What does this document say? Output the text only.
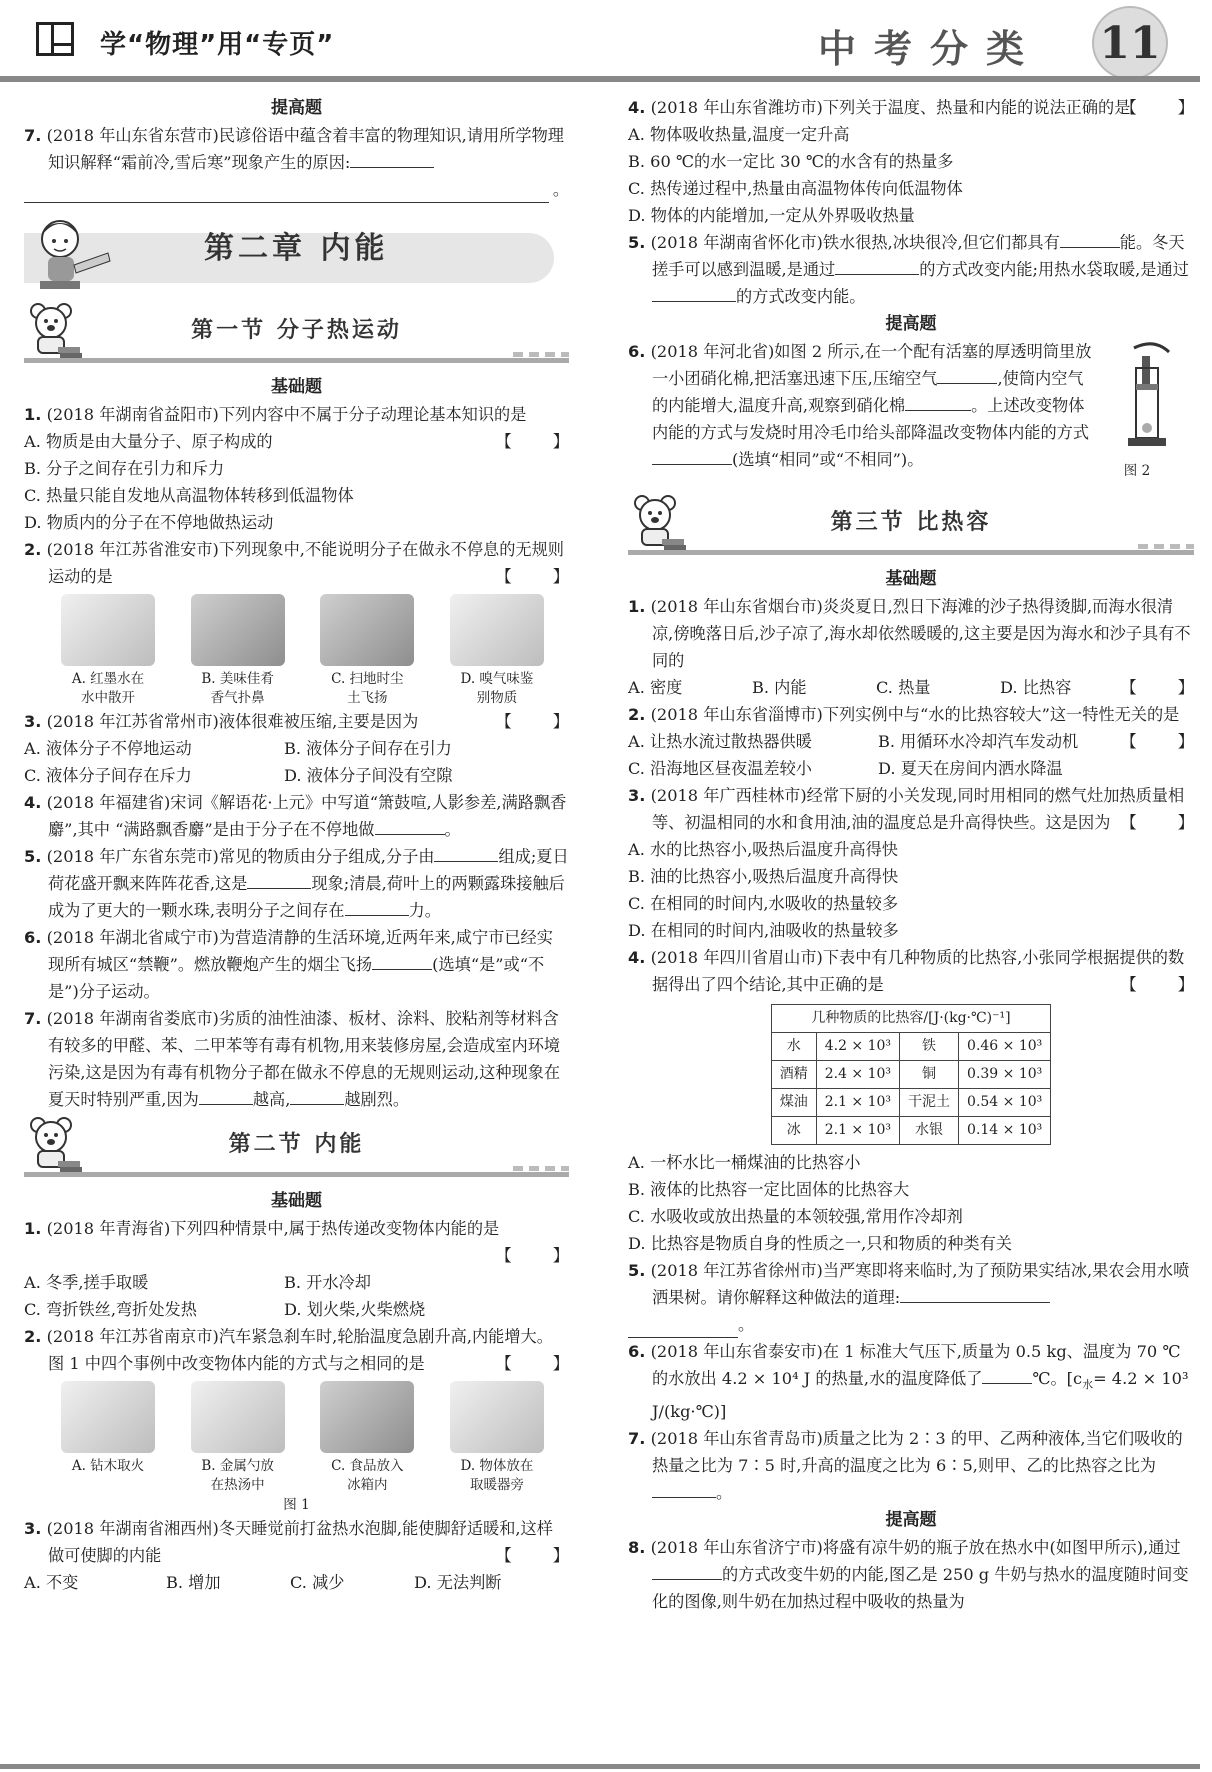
学“物理”用“专页”	中考分类 11
提高题
7. (2018 年山东省东营市)民谚俗语中蕴含着丰富的物理知识,请用所学物理知识解释“霜前冷,雪后寒”现象产生的原因:
。
第二章 内能
第一节 分子热运动
基础题
1. (2018 年湖南省益阳市)下列内容中不属于分子动理论基本知识的是
【 】
A. 物质是由大量分子、原子构成的
B. 分子之间存在引力和斥力
C. 热量只能自发地从高温物体转移到低温物体
D. 物质内的分子在不停地做热运动
2. (2018 年江苏省淮安市)下列现象中,不能说明分子在做永不停息的无规则运动的是	【 】
A. 红墨水在
水中散开
B. 美味佳肴
香气扑鼻
C. 扫地时尘
土飞扬
D. 嗅气味鉴
别物质
3. (2018 年江苏省常州市)液体很难被压缩,主要是因为	【 】
A. 液体分子不停地运动	B. 液体分子间存在引力
C. 液体分子间存在斥力	D. 液体分子间没有空隙
4. (2018 年福建省)宋词《解语花·上元》中写道“箫鼓喧,人影参差,满路飘香麝”,其中 “满路飘香麝”是由于分子在不停地做	。
5. (2018 年广东省东莞市)常见的物质由分子组成,分子由	组成;夏日荷花盛开飘来阵阵花香,这是	现象;清晨,荷叶上的两颗露珠接触后成为了更大的一颗水珠,表明分子之间存在	力。
6. (2018 年湖北省咸宁市)为营造清静的生活环境,近两年来,咸宁市已经实现所有城区“禁鞭”。燃放鞭炮产生的烟尘飞扬	(选填“是”或“不是”)分子运动。
7. (2018 年湖南省娄底市)劣质的油性油漆、板材、涂料、胶粘剂等材料含有较多的甲醛、苯、二甲苯等有毒有机物,用来装修房屋,会造成室内环境污染,这是因为有毒有机物分子都在做永不停息的无规则运动,这种现象在夏天时特别严重,因为	越高,	越剧烈。
第二节 内能
基础题
1. (2018 年青海省)下列四种情景中,属于热传递改变物体内能的是
【 】
A. 冬季,搓手取暖	B. 开水冷却
C. 弯折铁丝,弯折处发热	D. 划火柴,火柴燃烧
2. (2018 年江苏省南京市)汽车紧急刹车时,轮胎温度急剧升高,内能增大。图 1 中四个事例中改变物体内能的方式与之相同的是	【 】
A. 钻木取火	B. 金属勺放
在热汤中
C. 食品放入
冰箱内
D. 物体放在
取暖器旁
图 1
3. (2018 年湖南省湘西州)冬天睡觉前打盆热水泡脚,能使脚舒适暖和,这样做可使脚的内能	【 】
A. 不变	B. 增加	C. 减少	D. 无法判断
4. (2018 年山东省潍坊市)下列关于温度、热量和内能的说法正确的是
【 】
A. 物体吸收热量,温度一定升高
B. 60 ℃的水一定比 30 ℃的水含有的热量多
C. 热传递过程中,热量由高温物体传向低温物体
D. 物体的内能增加,一定从外界吸收热量
5. (2018 年湖南省怀化市)铁水很热,冰块很冷,但它们都具有	能。冬天搓手可以感到温暖,是通过	的方式改变内能;用热水袋取暖,是通过的方式改变内能。
提高题
图 2
6. (2018 年河北省)如图 2 所示,在一个配有活塞的厚透明筒里放一小团硝化棉,把活塞迅速下压,压缩空气	,使筒内空气的内能增大,温度升高,观察到硝化棉	。上述改变物体内能的方式与发烧时用冷毛巾给头部降温改变物体内能的方式(选填“相同”或“不相同”)。
第三节 比热容
基础题
1. (2018 年山东省烟台市)炎炎夏日,烈日下海滩的沙子热得烫脚,而海水很清凉,傍晚落日后,沙子凉了,海水却依然暖暖的,这主要是因为海水和沙子具有不同的
A. 密度	B. 内能	C. 热量	D. 比热容	【 】
2. (2018 年山东省淄博市)下列实例中与“水的比热容较大”这一特性无关的是
【 】
A. 让热水流过散热器供暖	B. 用循环水冷却汽车发动机
C. 沿海地区昼夜温差较小	D. 夏天在房间内洒水降温
3. (2018 年广西桂林市)经常下厨的小关发现,同时用相同的燃气灶加热质量相等、初温相同的水和食用油,油的温度总是升高得快些。这是因为 【 】
A. 水的比热容小,吸热后温度升高得快
B. 油的比热容小,吸热后温度升高得快
C. 在相同的时间内,水吸收的热量较多
D. 在相同的时间内,油吸收的热量较多
4. (2018 年四川省眉山市)下表中有几种物质的比热容,小张同学根据提供的数据得出了四个结论,其中正确的是	【 】
几种物质的比热容/[J·(kg·℃)⁻¹]			
水	4.2 × 10³	铁	0.46 × 10³
酒精	2.4 × 10³	铜	0.39 × 10³
煤油	2.1 × 10³	干泥土	0.54 × 10³
冰	2.1 × 10³	水银	0.14 × 10³
A. 一杯水比一桶煤油的比热容小
B. 液体的比热容一定比固体的比热容大
C. 水吸收或放出热量的本领较强,常用作冷却剂
D. 比热容是物质自身的性质之一,只和物质的种类有关
5. (2018 年江苏省徐州市)当严寒即将来临时,为了预防果实结冰,果农会用水喷洒果树。请你解释这种做法的道理:
。
6. (2018 年山东省泰安市)在 1 标准大气压下,质量为 0.5 kg、温度为 70 ℃的水放出 4.2 × 10⁴ J 的热量,水的温度降低了	℃。[$c_水= 4.2 \times 10^3$ J/(kg·℃)]
7. (2018 年山东省青岛市)质量之比为 2∶3 的甲、乙两种液体,当它们吸收的热量之比为 7∶5 时,升高的温度之比为 6∶5,则甲、乙的比热容之比为。
提高题
8. (2018 年山东省济宁市)将盛有凉牛奶的瓶子放在热水中(如图甲所示),通过的方式改变牛奶的内能,图乙是 250 g 牛奶与热水的温度随时间变化的图像,则牛奶在加热过程中吸收的热量为
